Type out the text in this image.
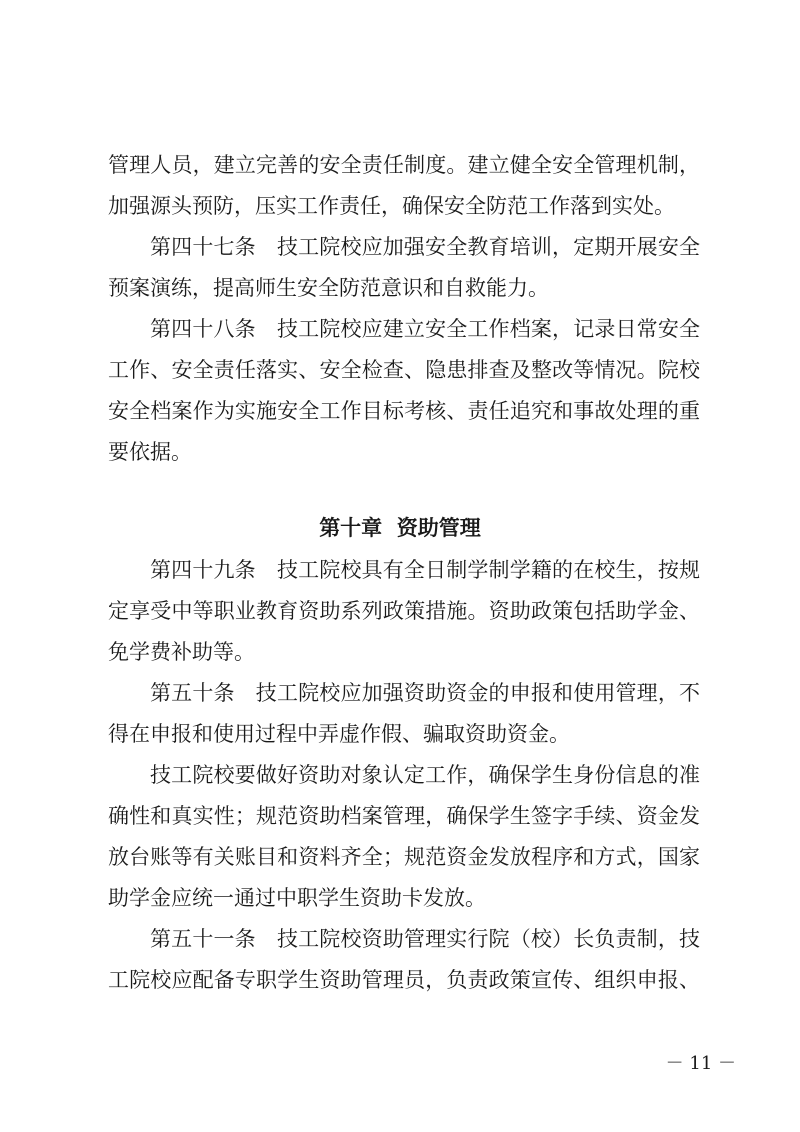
管理人员，建立完善的安全责任制度。建立健全安全管理机制，
加强源头预防，压实工作责任，确保安全防范工作落到实处。
第四十七条　技工院校应加强安全教育培训，定期开展安全
预案演练，提高师生安全防范意识和自救能力。
第四十八条　技工院校应建立安全工作档案，记录日常安全
工作、安全责任落实、安全检查、隐患排查及整改等情况。院校
安全档案作为实施安全工作目标考核、责任追究和事故处理的重
要依据。
第十章  资助管理
第四十九条　技工院校具有全日制学制学籍的在校生，按规
定享受中等职业教育资助系列政策措施。资助政策包括助学金、
免学费补助等。
第五十条　技工院校应加强资助资金的申报和使用管理，不
得在申报和使用过程中弄虚作假、骗取资助资金。
技工院校要做好资助对象认定工作，确保学生身份信息的准
确性和真实性；规范资助档案管理，确保学生签字手续、资金发
放台账等有关账目和资料齐全；规范资金发放程序和方式，国家
助学金应统一通过中职学生资助卡发放。
第五十一条　技工院校资助管理实行院（校）长负责制，技
工院校应配备专职学生资助管理员，负责政策宣传、组织申报、
－ 11 －
